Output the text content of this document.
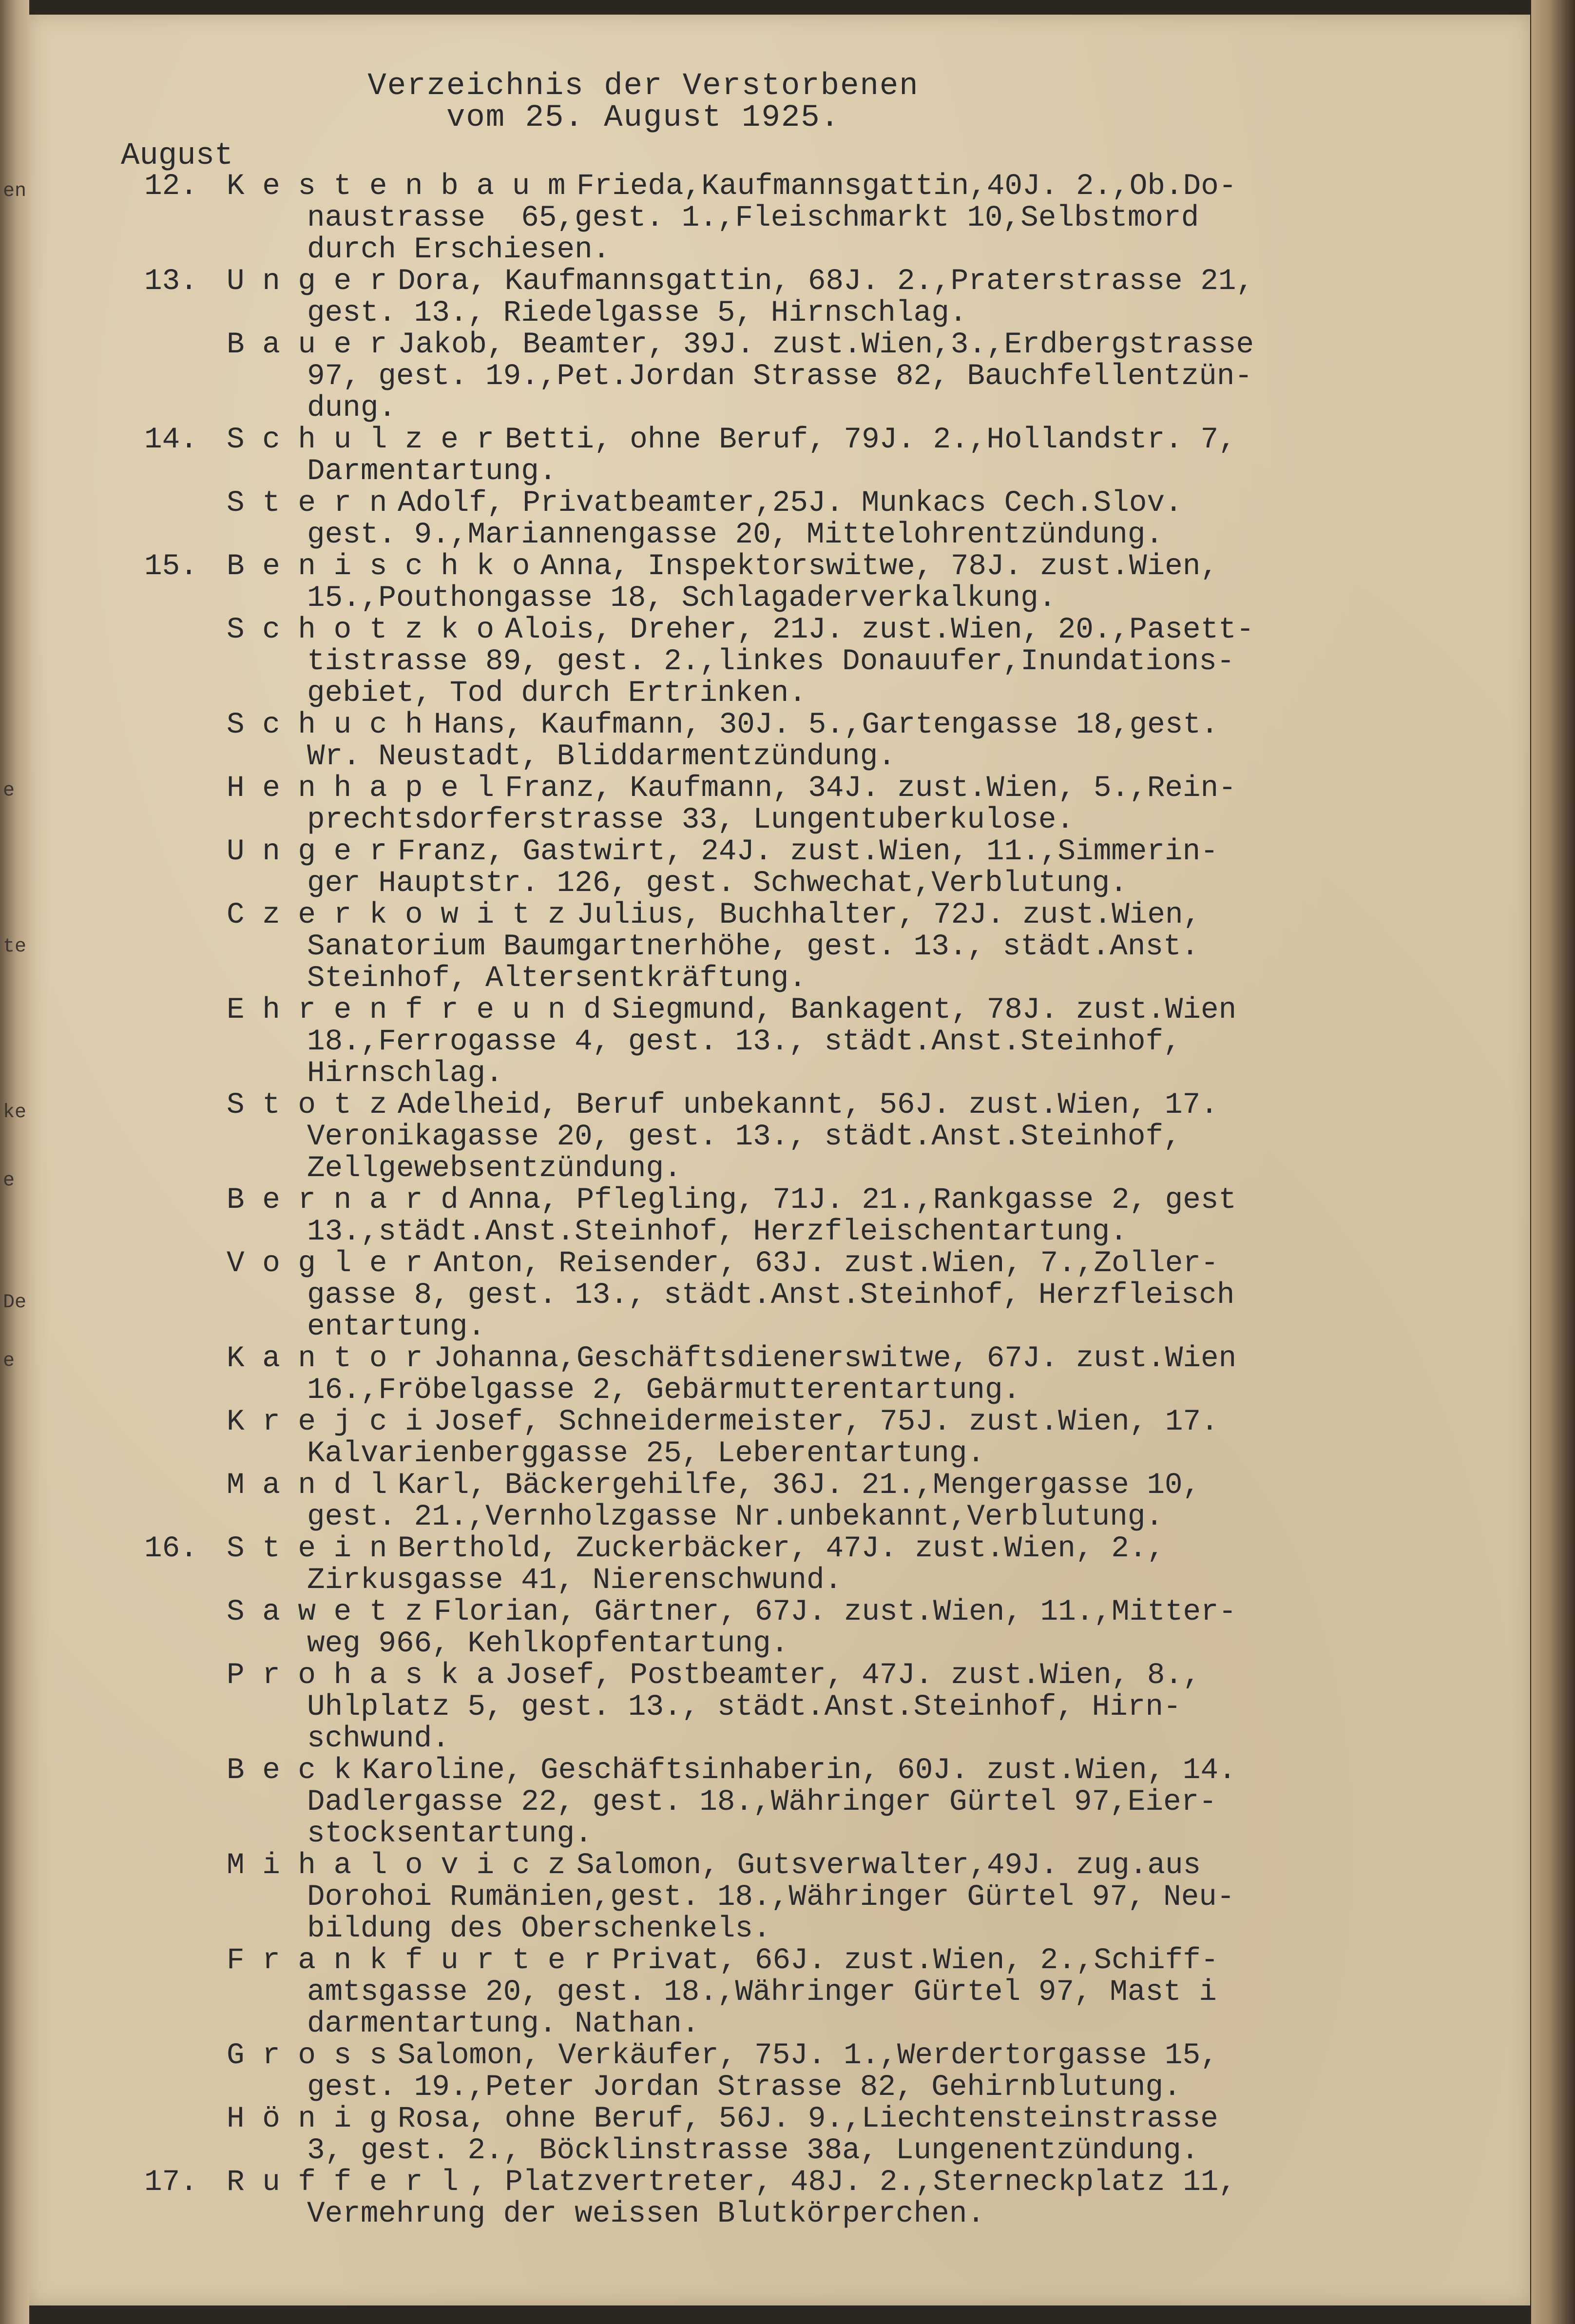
en
e
te
ke
e
De
e
Verzeichnis der Verstorbenen
vom 25. August 1925.
August
12. K e s t e n b a u m Frieda,Kaufmannsgattin,40J. 2.,Ob.Do-
naustrasse  65,gest. 1.,Fleischmarkt 10,Selbstmord
durch Erschiesen.
13. U n g e r Dora, Kaufmannsgattin, 68J. 2.,Praterstrasse 21,
gest. 13., Riedelgasse 5, Hirnschlag.
B a u e r Jakob, Beamter, 39J. zust.Wien,3.,Erdbergstrasse
97, gest. 19.,Pet.Jordan Strasse 82, Bauchfellentzün-
dung.
14. S c h u l z e r Betti, ohne Beruf, 79J. 2.,Hollandstr. 7,
Darmentartung.
S t e r n Adolf, Privatbeamter,25J. Munkacs Cech.Slov.
gest. 9.,Mariannengasse 20, Mittelohrentzündung.
15. B e n i s c h k o Anna, Inspektorswitwe, 78J. zust.Wien,
15.,Pouthongasse 18, Schlagaderverkalkung.
S c h o t z k o Alois, Dreher, 21J. zust.Wien, 20.,Pasett-
tistrasse 89, gest. 2.,linkes Donauufer,Inundations-
gebiet, Tod durch Ertrinken.
S c h u c h Hans, Kaufmann, 30J. 5.,Gartengasse 18,gest.
Wr. Neustadt, Bliddarmentzündung.
H e n h a p e l Franz, Kaufmann, 34J. zust.Wien, 5.,Rein-
prechtsdorferstrasse 33, Lungentuberkulose.
U n g e r Franz, Gastwirt, 24J. zust.Wien, 11.,Simmerin-
ger Hauptstr. 126, gest. Schwechat,Verblutung.
C z e r k o w i t z Julius, Buchhalter, 72J. zust.Wien,
Sanatorium Baumgartnerhöhe, gest. 13., städt.Anst.
Steinhof, Altersentkräftung.
E h r e n f r e u n d Siegmund, Bankagent, 78J. zust.Wien
18.,Ferrogasse 4, gest. 13., städt.Anst.Steinhof,
Hirnschlag.
S t o t z Adelheid, Beruf unbekannt, 56J. zust.Wien, 17.
Veronikagasse 20, gest. 13., städt.Anst.Steinhof,
Zellgewebsentzündung.
B e r n a r d Anna, Pflegling, 71J. 21.,Rankgasse 2, gest
13.,städt.Anst.Steinhof, Herzfleischentartung.
V o g l e r Anton, Reisender, 63J. zust.Wien, 7.,Zoller-
gasse 8, gest. 13., städt.Anst.Steinhof, Herzfleisch
entartung.
K a n t o r Johanna,Geschäftsdienerswitwe, 67J. zust.Wien
16.,Fröbelgasse 2, Gebärmutterentartung.
K r e j c i Josef, Schneidermeister, 75J. zust.Wien, 17.
Kalvarienberggasse 25, Leberentartung.
M a n d l Karl, Bäckergehilfe, 36J. 21.,Mengergasse 10,
gest. 21.,Vernholzgasse Nr.unbekannt,Verblutung.
16. S t e i n Berthold, Zuckerbäcker, 47J. zust.Wien, 2.,
Zirkusgasse 41, Nierenschwund.
S a w e t z Florian, Gärtner, 67J. zust.Wien, 11.,Mitter-
weg 966, Kehlkopfentartung.
P r o h a s k a Josef, Postbeamter, 47J. zust.Wien, 8.,
Uhlplatz 5, gest. 13., städt.Anst.Steinhof, Hirn-
schwund.
B e c k Karoline, Geschäftsinhaberin, 60J. zust.Wien, 14.
Dadlergasse 22, gest. 18.,Währinger Gürtel 97,Eier-
stocksentartung.
M i h a l o v i c z Salomon, Gutsverwalter,49J. zug.aus
Dorohoi Rumänien,gest. 18.,Währinger Gürtel 97, Neu-
bildung des Oberschenkels.
F r a n k f u r t e r Privat, 66J. zust.Wien, 2.,Schiff-
amtsgasse 20, gest. 18.,Währinger Gürtel 97, Mast i
darmentartung. Nathan.
G r o s s Salomon, Verkäufer, 75J. 1.,Werdertorgasse 15,
gest. 19.,Peter Jordan Strasse 82, Gehirnblutung.
H ö n i g Rosa, ohne Beruf, 56J. 9.,Liechtensteinstrasse
3, gest. 2., Böcklinstrasse 38a, Lungenentzündung.
17. R u f f e r l , Platzvertreter, 48J. 2.,Sterneckplatz 11,
Vermehrung der weissen Blutkörperchen.
